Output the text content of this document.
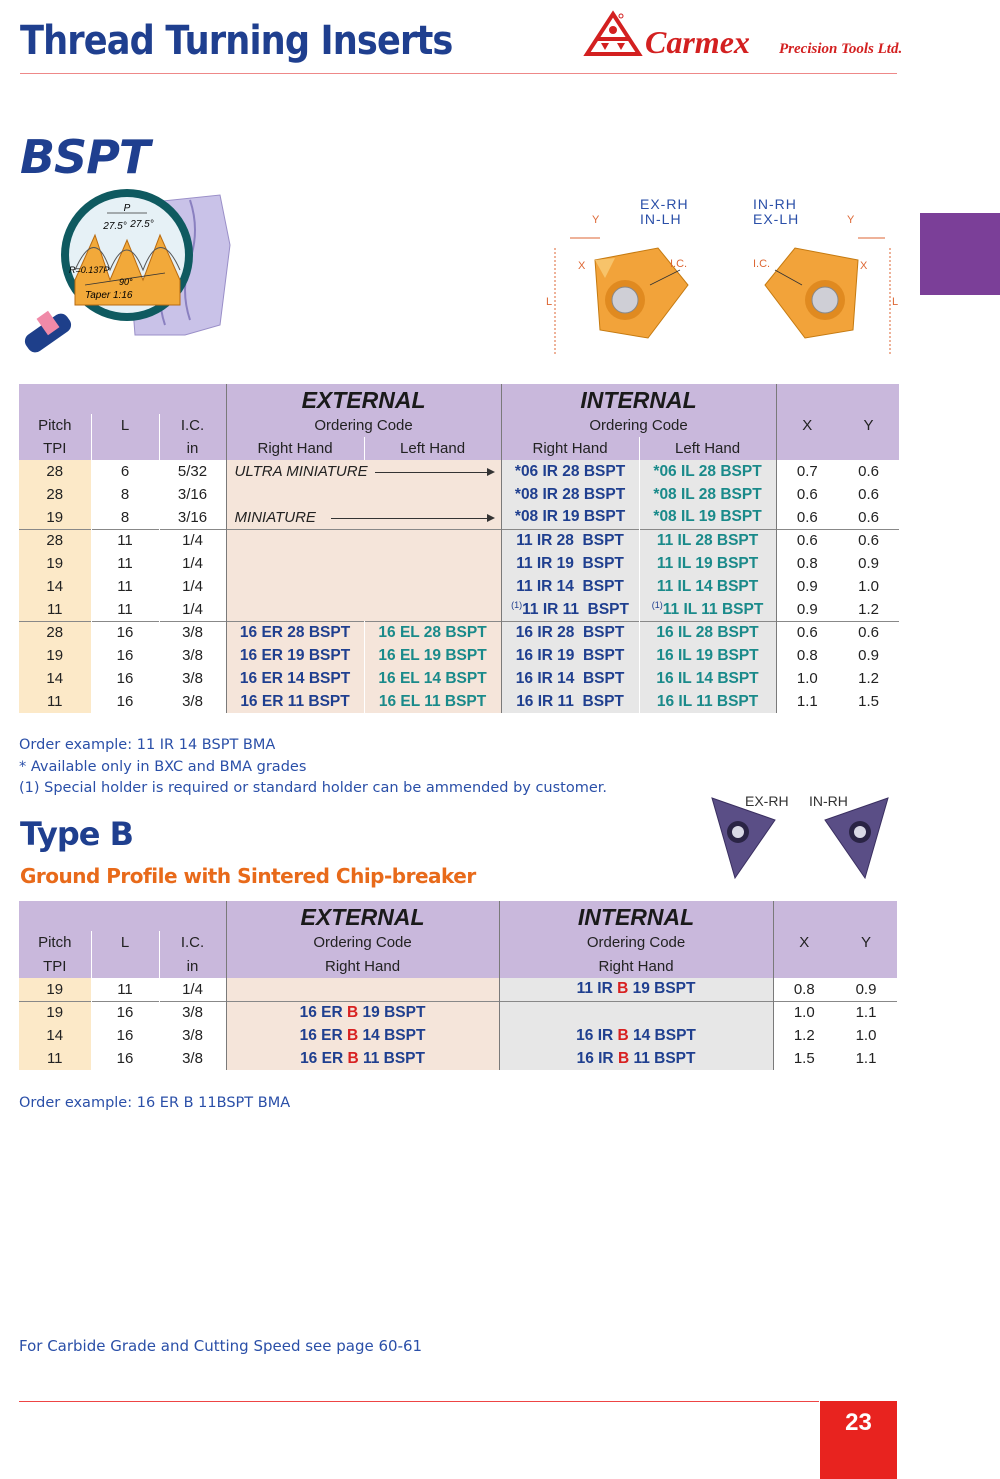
Thread Turning Inserts	Carmex Precision Tools Ltd.
BSPT
P
27.5° 27.5°
R=0.137P
90°
Taper 1:16
EX-RH
IN-LH
IN-RH
EX-LH
Y
X
L
I.C.
Y
X
L
I.C.
			EXTERNAL		INTERNAL			
Pitch	L	I.C.	Ordering Code		Ordering Code		X	Y
TPI		in	Right Hand	Left Hand	Right Hand	Left Hand		
28	6	5/32	ULTRA MINIATURE		*06 IR 28 BSPT	*06 IL 28 BSPT	0.7	0.6
28	8	3/16			*08 IR 28 BSPT	*08 IL 28 BSPT	0.6	0.6
19	8	3/16	MINIATURE		*08 IR 19 BSPT	*08 IL 19 BSPT	0.6	0.6
28	11	1/4			11 IR 28  BSPT	11 IL 28 BSPT	0.6	0.6
19	11	1/4			11 IR 19  BSPT	11 IL 19 BSPT	0.8	0.9
14	11	1/4			11 IR 14  BSPT	11 IL 14 BSPT	0.9	1.0
11	11	1/4			$^{(1)}$11 IR 11  BSPT	$^{(1)}$11 IL 11 BSPT	0.9	1.2
28	16	3/8	16 ER 28 BSPT	16 EL 28 BSPT	16 IR 28  BSPT	16 IL 28 BSPT	0.6	0.6
19	16	3/8	16 ER 19 BSPT	16 EL 19 BSPT	16 IR 19  BSPT	16 IL 19 BSPT	0.8	0.9
14	16	3/8	16 ER 14 BSPT	16 EL 14 BSPT	16 IR 14  BSPT	16 IL 14 BSPT	1.0	1.2
11	16	3/8	16 ER 11 BSPT	16 EL 11 BSPT	16 IR 11  BSPT	16 IL 11 BSPT	1.1	1.5
Order example: 11 IR 14 BSPT BMA
* Available only in BXC and BMA grades
(1) Special holder is required or standard holder can be ammended by customer.
Type B
Ground Profile with Sintered Chip-breaker
EX-RH IN-RH
			EXTERNAL	INTERNAL		
Pitch	L	I.C.	Ordering Code	Ordering Code	X	Y
TPI		in	Right Hand	Right Hand		
19	11	1/4		11 IR B 19 BSPT	0.8	0.9
19	16	3/8	16 ER B 19 BSPT		1.0	1.1
14	16	3/8	16 ER B 14 BSPT	16 IR B 14 BSPT	1.2	1.0
11	16	3/8	16 ER B 11 BSPT	16 IR B 11 BSPT	1.5	1.1
Order example: 16 ER B 11BSPT BMA
For Carbide Grade and Cutting Speed see page 60-61
23
